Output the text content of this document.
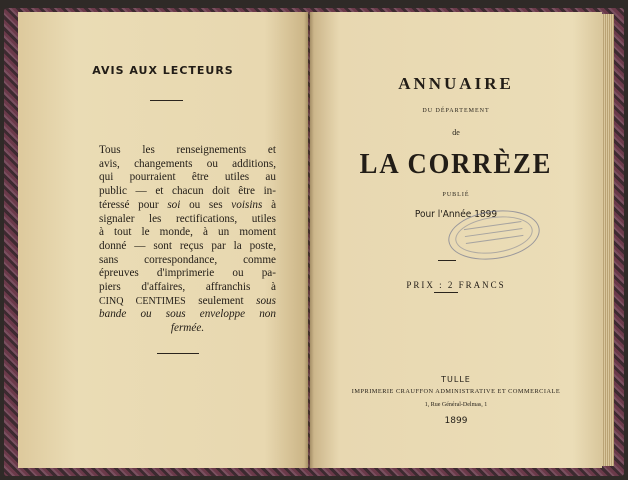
AVIS AUX LECTEURS
Tous les renseignements et
avis, changements ou additions,
qui pourraient être utiles au
public — et chacun doit être in-
téressé pour soi ou ses voisins à
signaler les rectifications, utiles
à tout le monde, à un moment
donné — sont reçus par la poste,
sans correspondance, comme
épreuves d'imprimerie ou pa-
piers d'affaires, affranchis à
CINQ CENTIMES seulement sous
bande ou sous enveloppe non
fermée.
ANNUAIRE
DU DÉPARTEMENT
de
LA CORRÈZE
PUBLIÉ
Pour l'Année 1899
PRIX : 2 FRANCS
TULLE
IMPRIMERIE CRAUFFON ADMINISTRATIVE ET COMMERCIALE
1, Rue Général-Delmas, 1
1899
